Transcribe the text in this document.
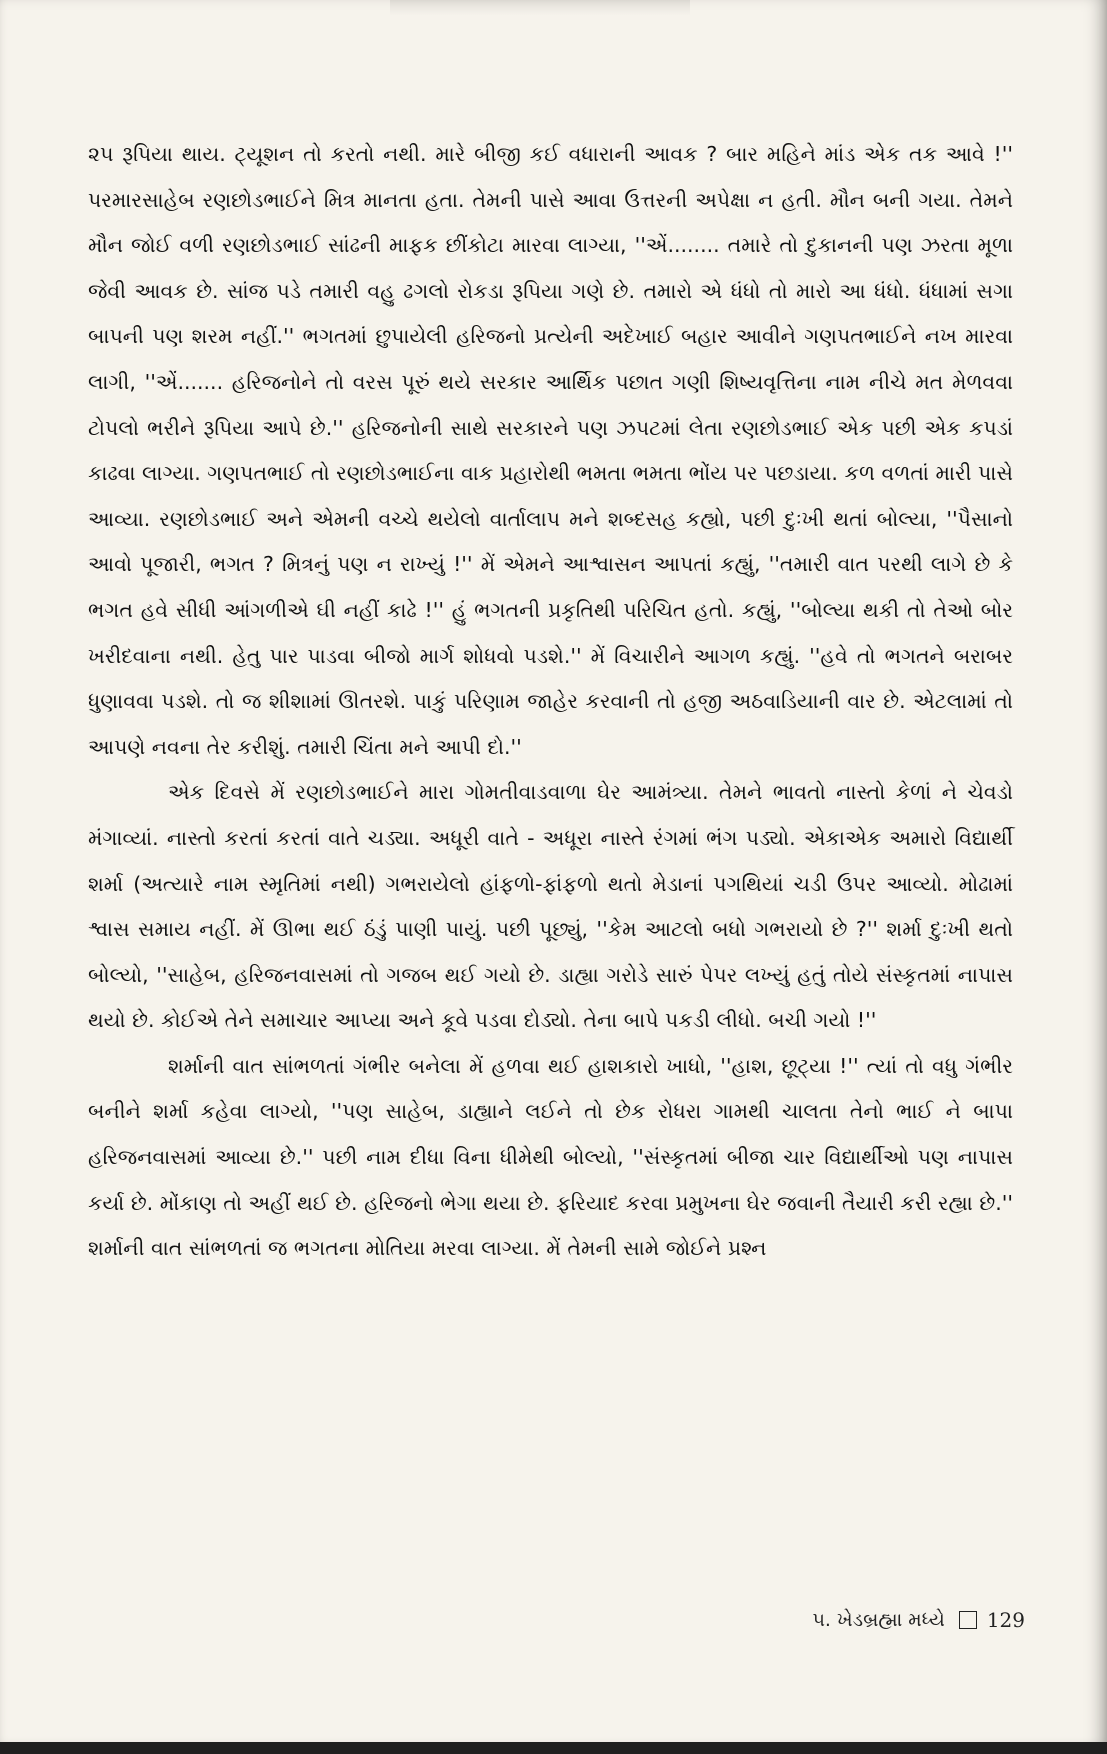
૨૫ રૂપિયા થાય. ટ્યૂશન તો કરતો નથી. મારે બીજી કઈ વધારાની આવક ? બાર મહિને માંડ એક તક આવે !'' પરમારસાહેબ રણછોડભાઈને મિત્ર માનતા હતા. તેમની પાસે આવા ઉત્તરની અપેક્ષા ન હતી. મૌન બની ગયા. તેમને મૌન જોઈ વળી રણછોડભાઈ સાંઢની માફક છીંકોટા મારવા લાગ્યા, ''એં........ તમારે તો દુકાનની પણ ઝરતા મૂળા જેવી આવક છે. સાંજ પડે તમારી વહુ ઢગલો રોકડા રૂપિયા ગણે છે. તમારો એ ધંધો તો મારો આ ધંધો. ધંધામાં સગા બાપની પણ શરમ નહીં.'' ભગતમાં છુપાયેલી હરિજનો પ્રત્યેની અદેખાઈ બહાર આવીને ગણપતભાઈને નખ મારવા લાગી, ''એં....... હરિજનોને તો વરસ પૂરું થયે સરકાર આર્થિક પછાત ગણી શિષ્યવૃત્તિના નામ નીચે મત મેળવવા ટોપલો ભરીને રૂપિયા આપે છે.'' હરિજનોની સાથે સરકારને પણ ઝપટમાં લેતા રણછોડભાઈ એક પછી એક કપડાં કાઢવા લાગ્યા. ગણપતભાઈ તો રણછોડભાઈના વાક પ્રહારોથી ભમતા ભમતા ભોંય પર પછડાયા. કળ વળતાં મારી પાસે આવ્યા. રણછોડભાઈ અને એમની વચ્ચે થયેલો વાર્તાલાપ મને શબ્દસહ કહ્યો, પછી દુઃખી થતાં બોલ્યા, ''પૈસાનો આવો પૂજારી, ભગત ? મિત્રનું પણ ન રાખ્યું !'' મેં એમને આશ્વાસન આપતાં કહ્યું, ''તમારી વાત પરથી લાગે છે કે ભગત હવે સીધી આંગળીએ ઘી નહીં કાઢે !'' હું ભગતની પ્રકૃતિથી પરિચિત હતો. કહ્યું, ''બોલ્યા થકી તો તેઓ બોર ખરીદવાના નથી. હેતુ પાર પાડવા બીજો માર્ગ શોધવો પડશે.'' મેં વિચારીને આગળ કહ્યું. ''હવે તો ભગતને બરાબર ધુણાવવા પડશે. તો જ શીશામાં ઊતરશે. પાકું પરિણામ જાહેર કરવાની તો હજી અઠવાડિયાની વાર છે. એટલામાં તો આપણે નવના તેર કરીશું. તમારી ચિંતા મને આપી દો.''

એક દિવસે મેં રણછોડભાઈને મારા ગોમતીવાડવાળા ઘેર આમંત્ર્યા. તેમને ભાવતો નાસ્તો કેળાં ને ચેવડો મંગાવ્યાં. નાસ્તો કરતાં કરતાં વાતે ચડ્યા. અધૂરી વાતે - અધૂરા નાસ્તે રંગમાં ભંગ પડ્યો. એકાએક અમારો વિદ્યાર્થી શર્મા (અત્યારે નામ સ્મૃતિમાં નથી) ગભરાયેલો હાંફળો-ફાંફળો થતો મેડાનાં પગથિયાં ચડી ઉપર આવ્યો. મોઢામાં શ્વાસ સમાય નહીં. મેં ઊભા થઈ ઠંડું પાણી પાયું. પછી પૂછ્યું, ''કેમ આટલો બધો ગભરાયો છે ?'' શર્મા દુઃખી થતો બોલ્યો, ''સાહેબ, હરિજનવાસમાં તો ગજબ થઈ ગયો છે. ડાહ્યા ગરોડે સારું પેપર લખ્યું હતું તોયે સંસ્કૃતમાં નાપાસ થયો છે. કોઈએ તેને સમાચાર આપ્યા અને કૂવે પડવા દોડ્યો. તેના બાપે પકડી લીધો. બચી ગયો !''

શર્માની વાત સાંભળતાં ગંભીર બનેલા મેં હળવા થઈ હાશકારો ખાધો, ''હાશ, છૂટ્યા !'' ત્યાં તો વધુ ગંભીર બનીને શર્મા કહેવા લાગ્યો, ''પણ સાહેબ, ડાહ્યાને લઈને તો છેક રોધરા ગામથી ચાલતા તેનો ભાઈ ને બાપા હરિજનવાસમાં આવ્યા છે.'' પછી નામ દીધા વિના ધીમેથી બોલ્યો, ''સંસ્કૃતમાં બીજા ચાર વિદ્યાર્થીઓ પણ નાપાસ કર્યા છે. મોંકાણ તો અહીં થઈ છે. હરિજનો ભેગા થયા છે. ફરિયાદ કરવા પ્રમુખના ઘેર જવાની તૈયારી કરી રહ્યા છે.'' શર્માની વાત સાંભળતાં જ ભગતના મોતિયા મરવા લાગ્યા. મેં તેમની સામે જોઈને પ્રશ્ન

૫. ખેડબ્રહ્મા મધ્યે 129
